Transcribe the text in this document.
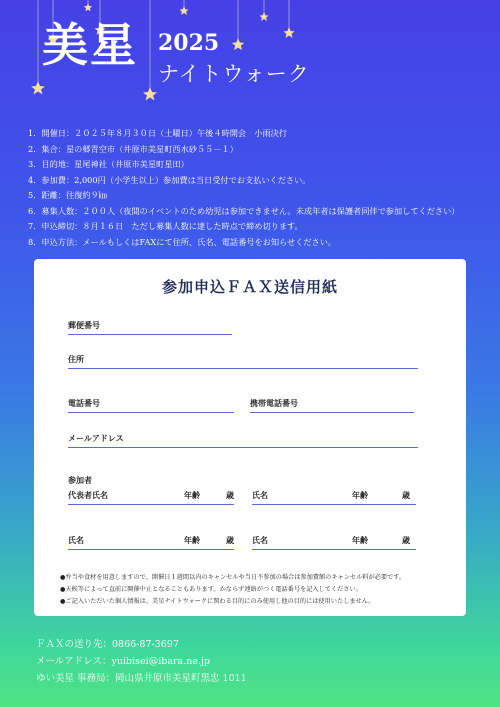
美星 2025
ナイトウォーク
1．開催日：２０２５年８月３０日（土曜日）午後４時開会　小雨決行
2．集合：星の郷青空市（井原市美星町西水砂５５－１）
3．目的地：星尾神社（井原市美星町星田）
4．参加費：2,000円（小学生以上）参加費は当日受付でお支払いください。
5．距離：往復約９㎞
6．募集人数：２００人（夜間のイベントのため幼児は参加できません。未成年者は保護者同伴で参加してください）
7．申込締切：８月１６日　ただし募集人数に達した時点で締め切ります。
8．申込方法：メールもしくはFAXにて住所、氏名、電話番号をお知らせください。
参加申込ＦＡＸ送信用紙
郵便番号
住所
電話番号	携帯電話番号
メールアドレス
参加者
代表者氏名	年齢	歳 氏名	年齢	歳
氏名	年齢	歳 氏名	年齢	歳
●弁当や食材を用意しますので、開催日１週間以内のキャンセルや当日不参加の場合は参加費額のキャンセル料が必要です。
●天候等によって直前に開催中止となることもあります。かならず連絡がつく電話番号を記入してください。
●ご記入いただいた個人情報は、美星ナイトウォークに関わる目的にのみ使用し他の目的には使用いたしません。
ＦＡＸの送り先：0866-87-3697
メールアドレス：yuibisei@ibara.ne.jp
ゆい美星 事務局：岡山県井原市美星町黒忠 1011
